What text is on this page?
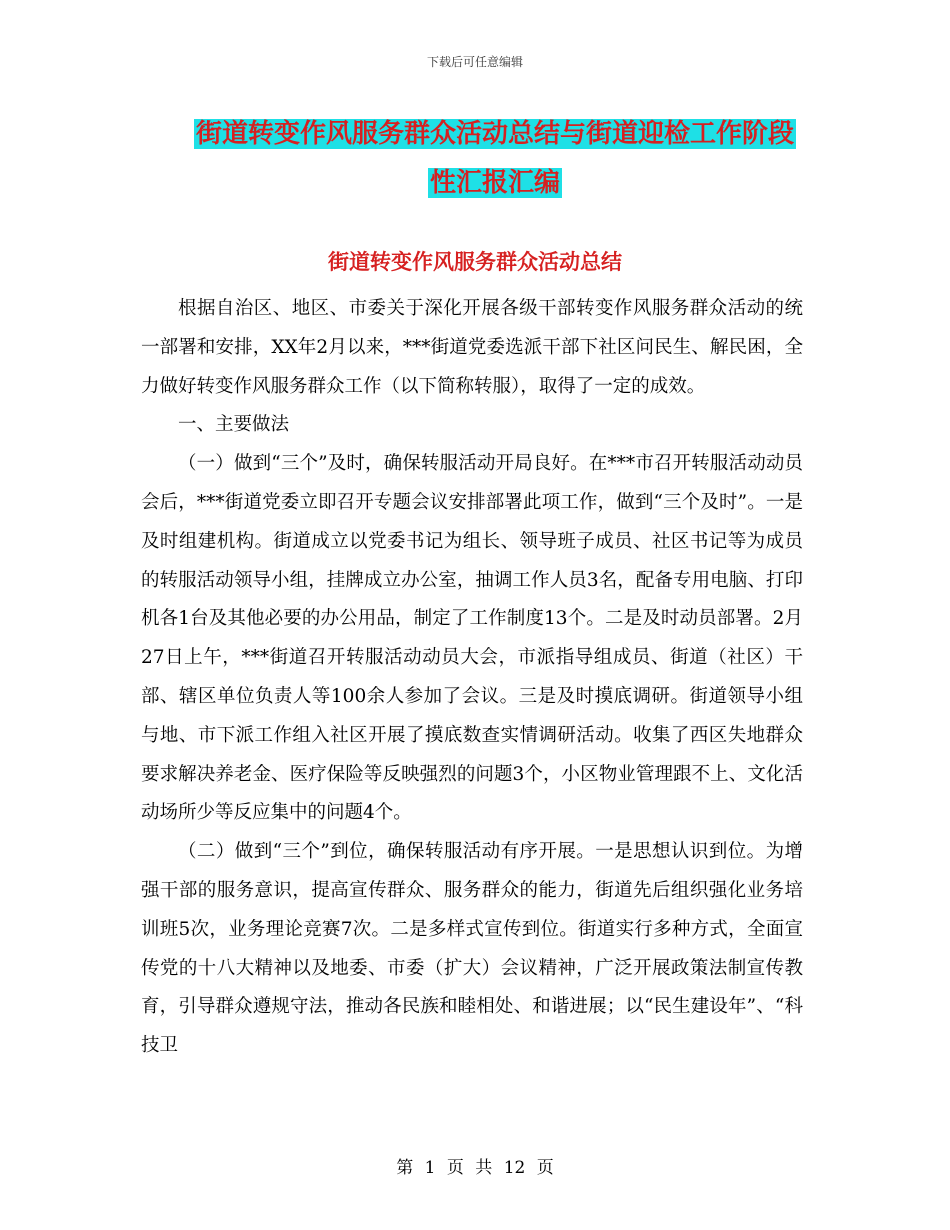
下载后可任意编辑
街道转变作风服务群众活动总结与街道迎检工作阶段
性汇报汇编
街道转变作风服务群众活动总结

根据自治区、地区、市委关于深化开展各级干部转变作风服务群众活动的统一部署和安排，XX年2月以来，***街道党委选派干部下社区问民生、解民困，全力做好转变作风服务群众工作（以下简称转服），取得了一定的成效。

一、主要做法

（一）做到“三个”及时，确保转服活动开局良好。在***市召开转服活动动员会后，***街道党委立即召开专题会议安排部署此项工作，做到“三个及时”。一是及时组建机构。街道成立以党委书记为组长、领导班子成员、社区书记等为成员的转服活动领导小组，挂牌成立办公室，抽调工作人员3名，配备专用电脑、打印机各1台及其他必要的办公用品，制定了工作制度13个。二是及时动员部署。2月27日上午，***街道召开转服活动动员大会，市派指导组成员、街道（社区）干部、辖区单位负责人等100余人参加了会议。三是及时摸底调研。街道领导小组与地、市下派工作组入社区开展了摸底数查实情调研活动。收集了西区失地群众要求解决养老金、医疗保险等反映强烈的问题3个，小区物业管理跟不上、文化活动场所少等反应集中的问题4个。

（二）做到“三个”到位，确保转服活动有序开展。一是思想认识到位。为增强干部的服务意识，提高宣传群众、服务群众的能力，街道先后组织强化业务培训班5次，业务理论竞赛7次。二是多样式宣传到位。街道实行多种方式，全面宣传党的十八大精神以及地委、市委（扩大）会议精神，广泛开展政策法制宣传教育，引导群众遵规守法，推动各民族和睦相处、和谐进展；以“民生建设年”、“科技卫

第 1 页 共 12 页
